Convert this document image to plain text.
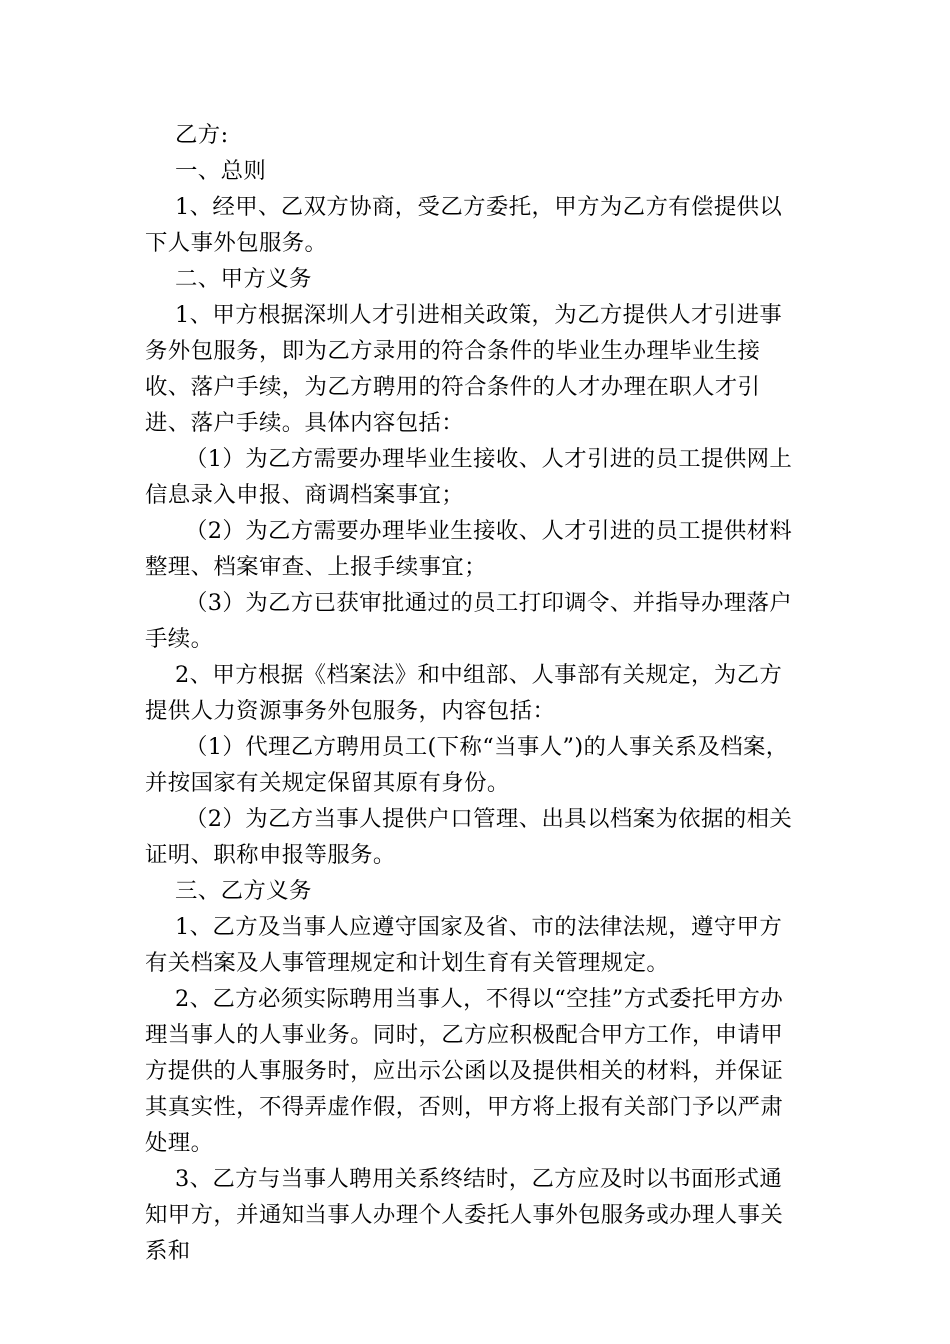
乙方:

一、总则

1、经甲、乙双方协商，受乙方委托，甲方为乙方有偿提供以下人事外包服务。

二、甲方义务

1、甲方根据深圳人才引进相关政策，为乙方提供人才引进事务外包服务，即为乙方录用的符合条件的毕业生办理毕业生接收、落户手续，为乙方聘用的符合条件的人才办理在职人才引进、落户手续。具体内容包括：

（1）为乙方需要办理毕业生接收、人才引进的员工提供网上信息录入申报、商调档案事宜；

（2）为乙方需要办理毕业生接收、人才引进的员工提供材料整理、档案审查、上报手续事宜；

（3）为乙方已获审批通过的员工打印调令、并指导办理落户手续。

2、甲方根据《档案法》和中组部、人事部有关规定，为乙方提供人力资源事务外包服务，内容包括：

（1）代理乙方聘用员工(下称“当事人”)的人事关系及档案，并按国家有关规定保留其原有身份。

（2）为乙方当事人提供户口管理、出具以档案为依据的相关证明、职称申报等服务。

三、乙方义务

1、乙方及当事人应遵守国家及省、市的法律法规，遵守甲方有关档案及人事管理规定和计划生育有关管理规定。

2、乙方必须实际聘用当事人，不得以“空挂”方式委托甲方办理当事人的人事业务。同时，乙方应积极配合甲方工作，申请甲方提供的人事服务时，应出示公函以及提供相关的材料，并保证其真实性，不得弄虚作假，否则，甲方将上报有关部门予以严肃处理。

3、乙方与当事人聘用关系终结时，乙方应及时以书面形式通知甲方，并通知当事人办理个人委托人事外包服务或办理人事关系和
